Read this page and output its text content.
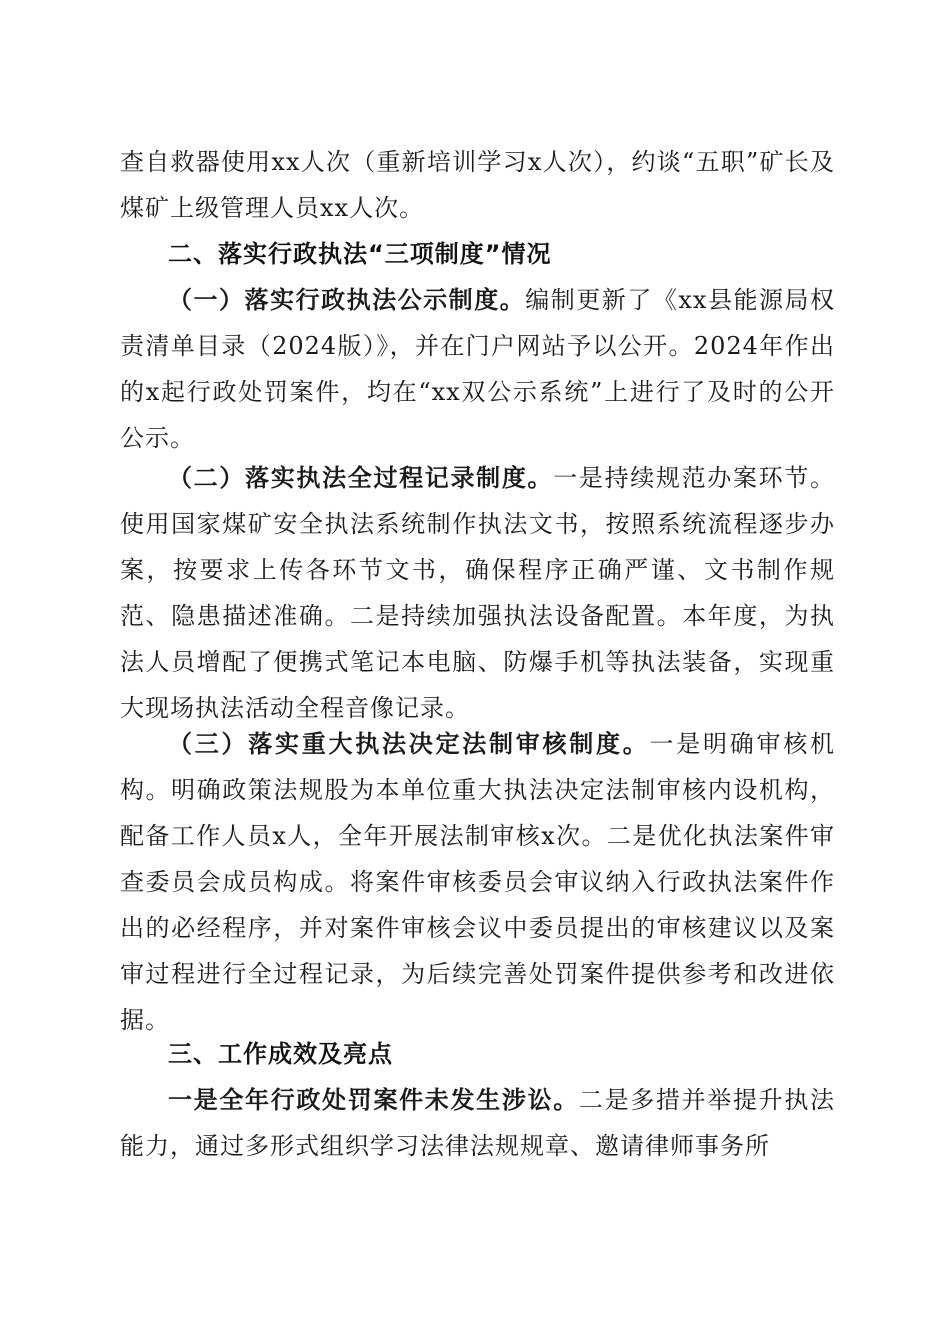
查自救器使用xx人次（重新培训学习x人次），约谈“五职”矿长及煤矿上级管理人员xx人次。

二、落实行政执法“三项制度”情况

（一）落实行政执法公示制度。编制更新了《xx县能源局权责清单目录（2024版）》，并在门户网站予以公开。2024年作出的x起行政处罚案件，均在“xx双公示系统”上进行了及时的公开公示。

（二）落实执法全过程记录制度。一是持续规范办案环节。使用国家煤矿安全执法系统制作执法文书，按照系统流程逐步办案，按要求上传各环节文书，确保程序正确严谨、文书制作规范、隐患描述准确。二是持续加强执法设备配置。本年度，为执法人员增配了便携式笔记本电脑、防爆手机等执法装备，实现重大现场执法活动全程音像记录。

（三）落实重大执法决定法制审核制度。一是明确审核机构。明确政策法规股为本单位重大执法决定法制审核内设机构，配备工作人员x人，全年开展法制审核x次。二是优化执法案件审查委员会成员构成。将案件审核委员会审议纳入行政执法案件作出的必经程序，并对案件审核会议中委员提出的审核建议以及案审过程进行全过程记录，为后续完善处罚案件提供参考和改进依据。

三、工作成效及亮点

一是全年行政处罚案件未发生涉讼。二是多措并举提升执法能力，通过多形式组织学习法律法规规章、邀请律师事务所
